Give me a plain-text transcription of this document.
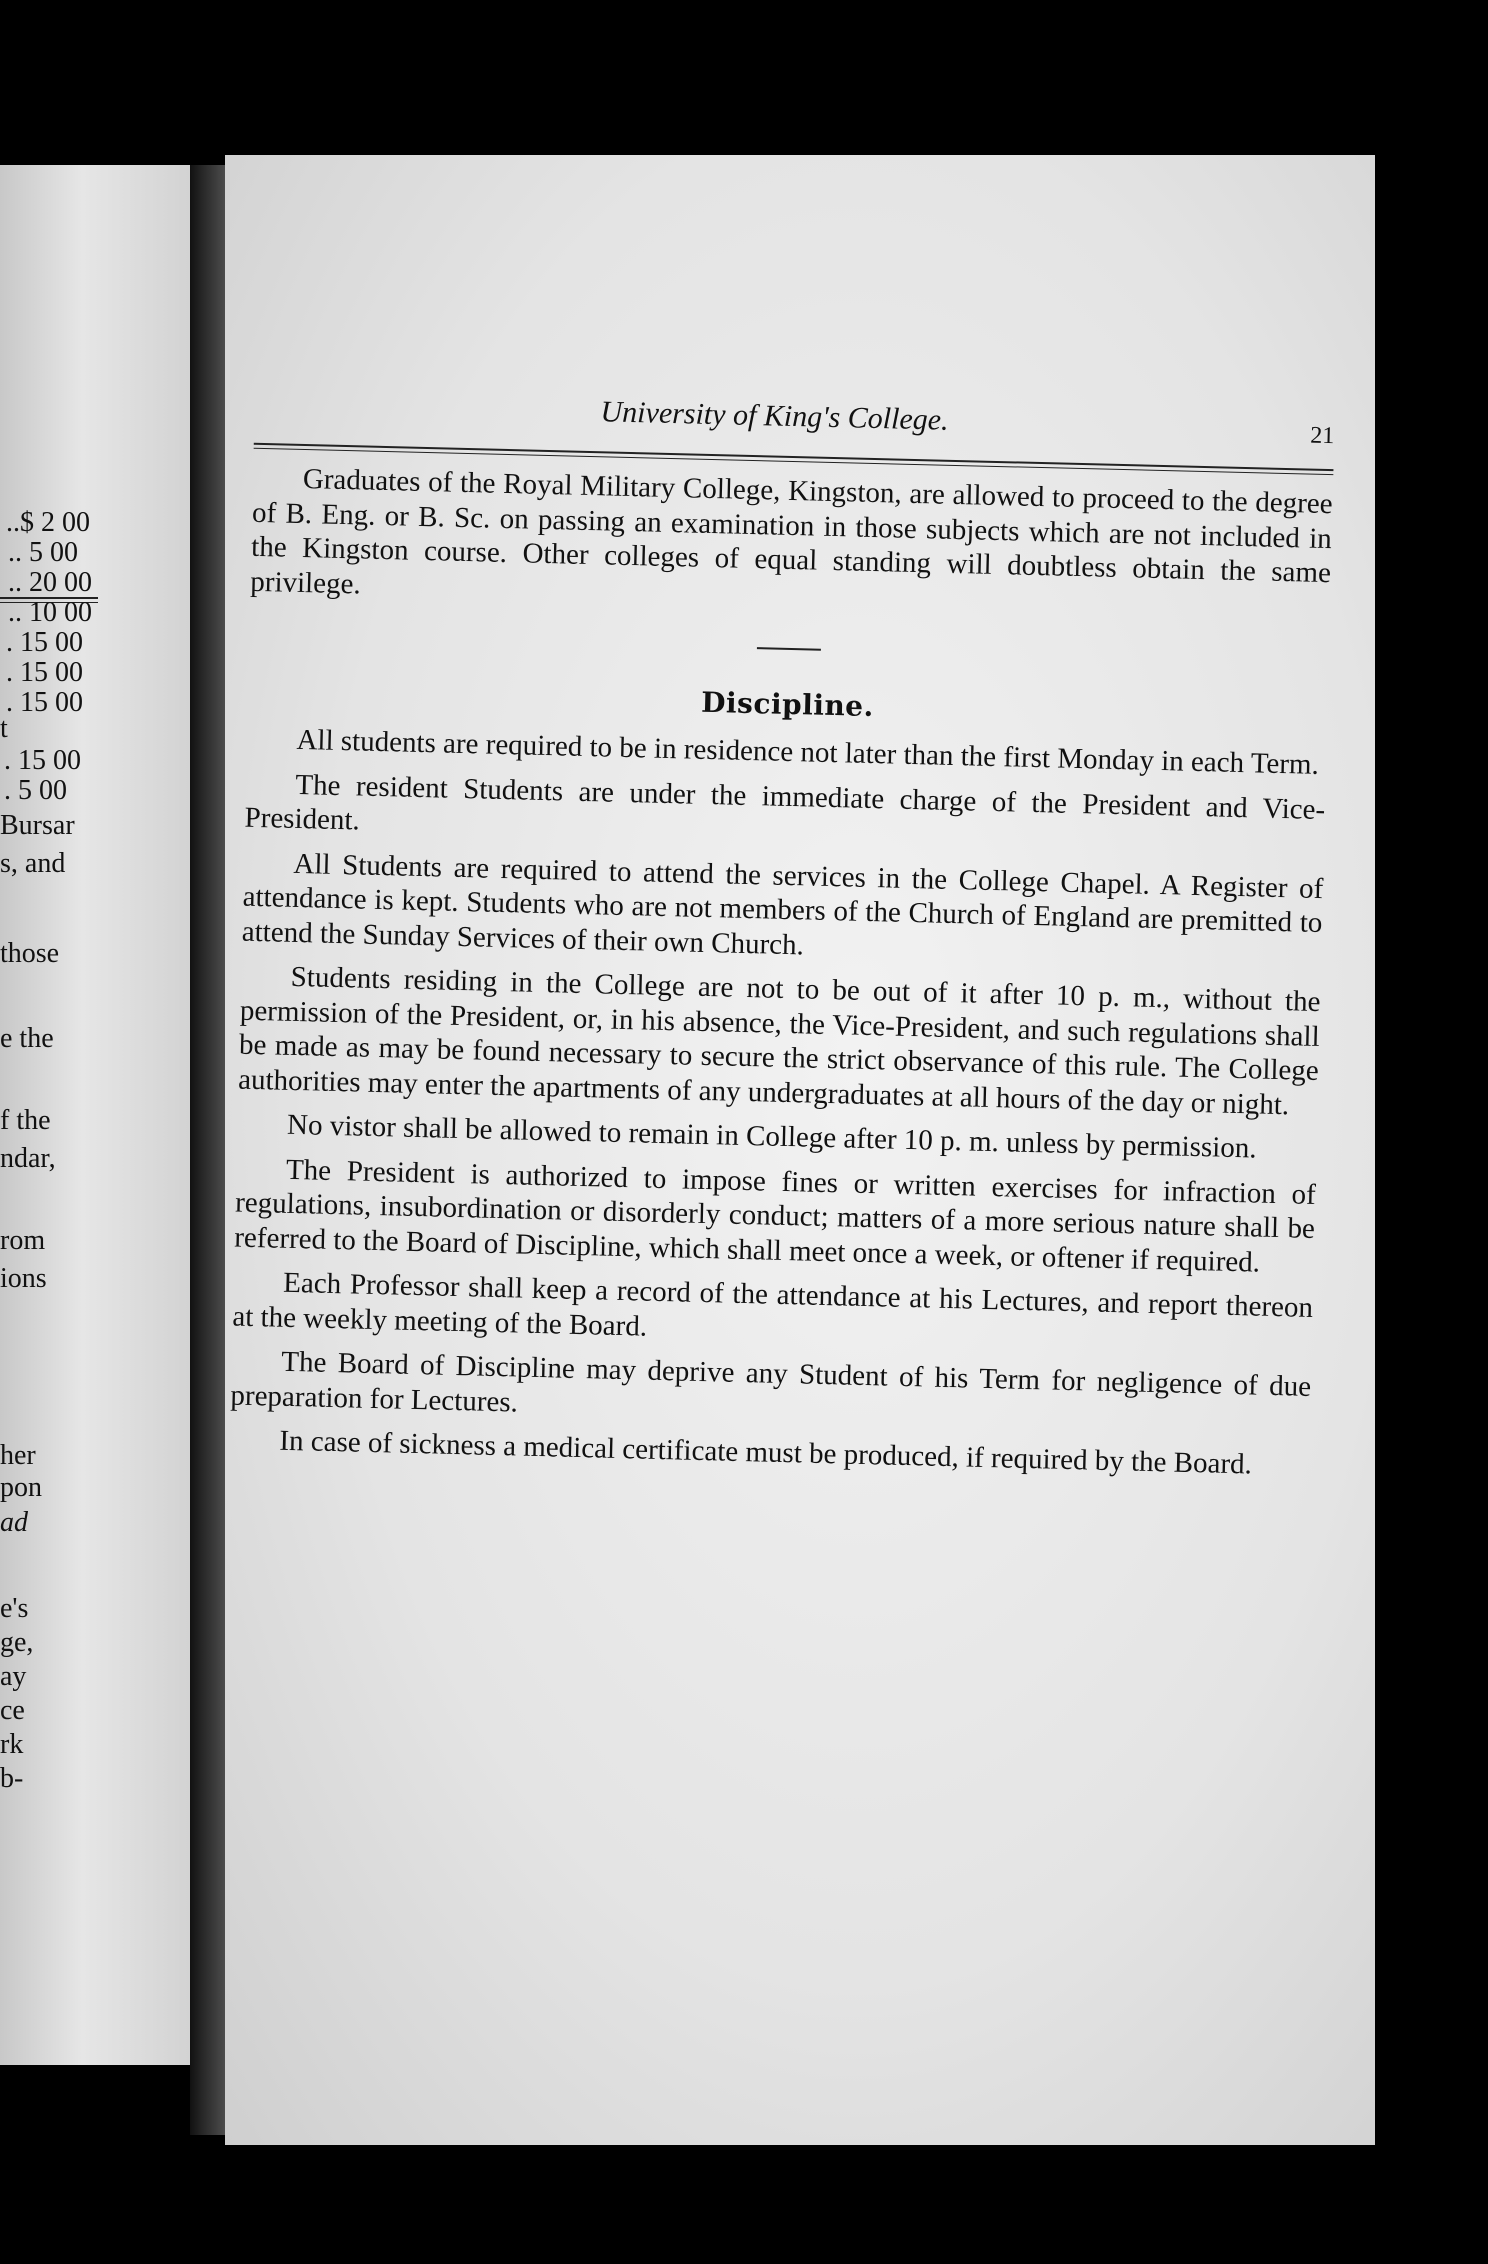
..$ 2 00
.. 5 00
.. 20 00
.. 10 00
. 15 00
. 15 00
. 15 00
t
. 15 00
. 5 00
Bursar
s, and
those
e the
f the
ndar,
rom
ions
her
pon
ad
e's
ge,
ay
ce
rk
b-
University of King's College.	21

Graduates of the Royal Military College, Kingston, are allowed to proceed to the degree of B. Eng. or B. Sc. on passing an examination in those subjects which are not included in the Kingston course. Other colleges of equal standing will doubtless obtain the same privilege.

Discipline.

All students are required to be in residence not later than the first Monday in each Term.

The resident Students are under the immediate charge of the President and Vice-President.

All Students are required to attend the services in the College Chapel. A Register of attendance is kept. Students who are not members of the Church of England are premitted to attend the Sunday Services of their own Church.

Students residing in the College are not to be out of it after 10 p. m., without the permission of the President, or, in his absence, the Vice-President, and such regulations shall be made as may be found necessary to secure the strict observance of this rule. The College authorities may enter the apartments of any undergraduates at all hours of the day or night.

No vistor shall be allowed to remain in College after 10 p. m. unless by permission.

The President is authorized to impose fines or written exercises for infraction of regulations, insubordination or disorderly conduct; matters of a more serious nature shall be referred to the Board of Discipline, which shall meet once a week, or oftener if required.

Each Professor shall keep a record of the attendance at his Lectures, and report thereon at the weekly meeting of the Board.

The Board of Discipline may deprive any Student of his Term for negligence of due preparation for Lectures.

In case of sickness a medical certificate must be produced, if required by the Board.
